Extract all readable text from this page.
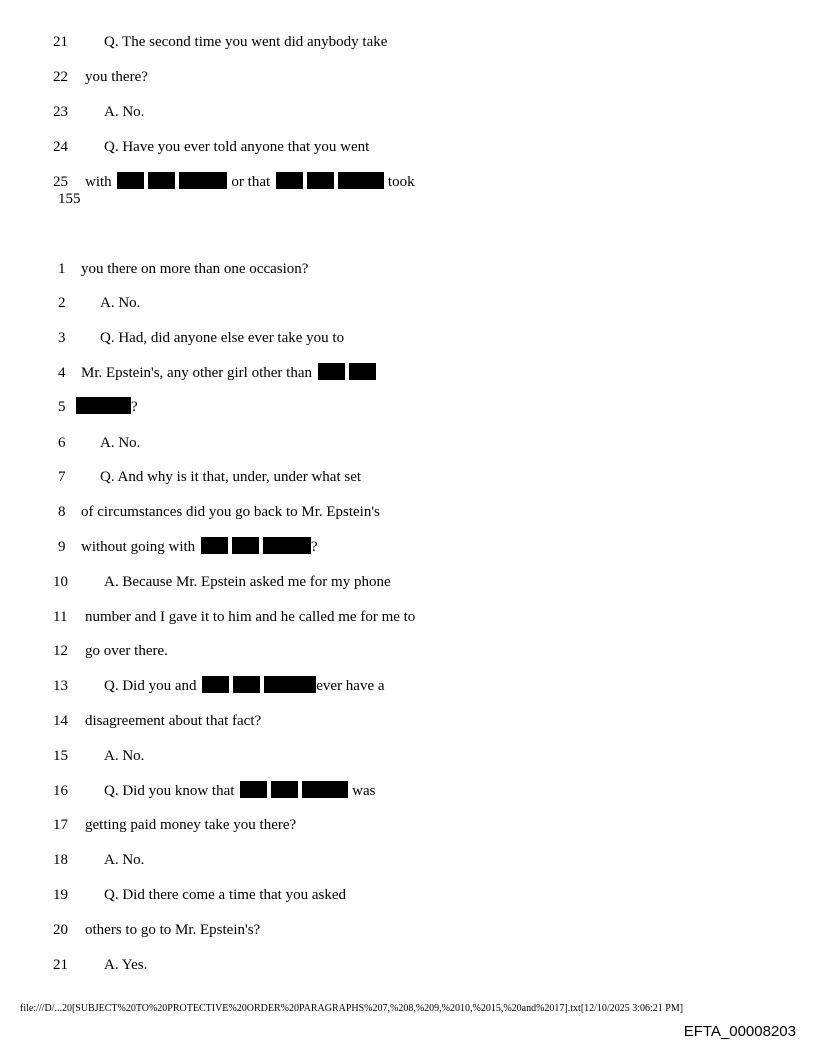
21 Q. The second time you went did anybody take
22 you there?
23 A. No.
24 Q. Have you ever told anyone that you went
25 with	or that	took
155
1 you there on more than one occasion?
2 A. No.
3 Q. Had, did anyone else ever take you to
4 Mr. Epstein's, any other girl other than
5	?
6 A. No.
7 Q. And why is it that, under, under what set
8 of circumstances did you go back to Mr. Epstein's
9 without going with	?
10 A. Because Mr. Epstein asked me for my phone
11 number and I gave it to him and he called me for me to
12 go over there.
13 Q. Did you and	ever have a
14 disagreement about that fact?
15 A. No.
16 Q. Did you know that	was
17 getting paid money take you there?
18 A. No.
19 Q. Did there come a time that you asked
20 others to go to Mr. Epstein's?
21 A. Yes.
file:///D/...20[SUBJECT%20TO%20PROTECTIVE%20ORDER%20PARAGRAPHS%207,%208,%209,%2010,%2015,%20and%2017].txt[12/10/2025 3:06:21 PM]
EFTA_00008203
